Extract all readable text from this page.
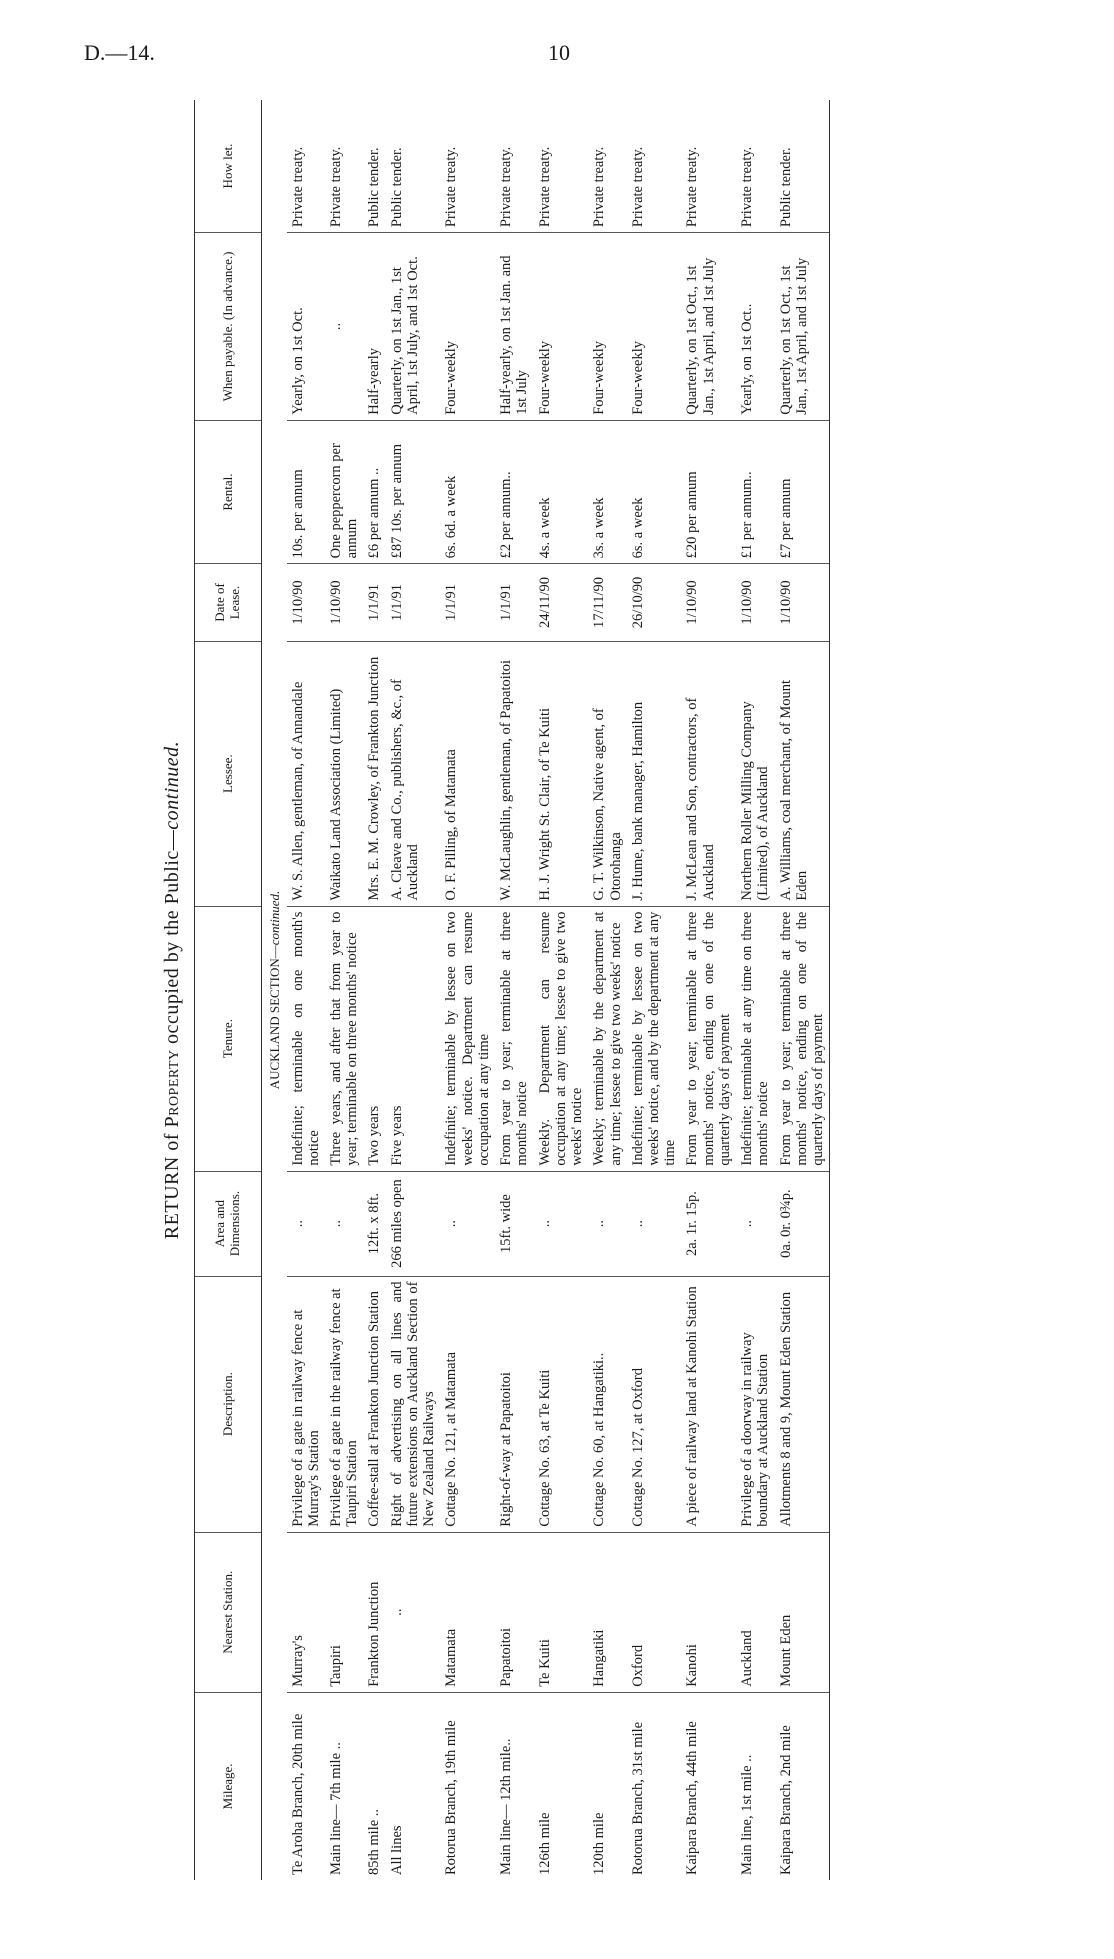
D.—14.	10
RETURN of Property occupied by the Public—continued.
Mileage.	Nearest Station.	Description.	Area and Dimensions.	Tenure.	Lessee.	Date of Lease.	Rental.	When payable. (In advance.)	How let.
AUCKLAND SECTION—continued.									
Te Aroha Branch, 20th mile	Murray's	Privilege of a gate in railway fence at Murray's Station	..	Indefinite; terminable on one month's notice	W. S. Allen, gentleman, of Annandale	1/10/90	10s. per annum	Yearly, on 1st Oct.	Private treaty.
Main line— 7th mile ..	Taupiri	Privilege of a gate in the railway fence at Taupiri Station	..	Three years, and after that from year to year; terminable on three months' notice	Waikato Land Association (Limited)	1/10/90	One peppercorn per annum	..	Private treaty.
85th mile ..	Frankton Junction	Coffee-stall at Frankton Junction Station	12ft. x 8ft.	Two years	Mrs. E. M. Crowley, of Frankton Junction	1/1/91	£6 per annum ..	Half-yearly	Public tender.
All lines	..	Right of advertising on all lines and future extensions on Auckland Section of New Zealand Railways	266 miles open	Five years	A. Cleave and Co., publishers, &c., of Auckland	1/1/91	£87 10s. per annum	Quarterly, on 1st Jan., 1st April, 1st July, and 1st Oct.	Public tender.
Rotorua Branch, 19th mile	Matamata	Cottage No. 121, at Matamata	..	Indefinite; terminable by lessee on two weeks' notice. Department can resume occupation at any time	O. F. Pilling, of Matamata	1/1/91	6s. 6d. a week	Four-weekly	Private treaty.
Main line— 12th mile..	Papatoitoi	Right-of-way at Papatoitoi	15ft. wide	From year to year; terminable at three months' notice	W. McLaughlin, gentleman, of Papatoitoi	1/1/91	£2 per annum..	Half-yearly, on 1st Jan. and 1st July	Private treaty.
126th mile	Te Kuiti	Cottage No. 63, at Te Kuiti	..	Weekly. Department can resume occupation at any time; lessee to give two weeks' notice	H. J. Wright St. Clair, of Te Kuiti	24/11/90	4s. a week	Four-weekly	Private treaty.
120th mile	Hangatiki	Cottage No. 60, at Hangatiki..	..	Weekly; terminable by the department at any time; lessee to give two weeks' notice	G. T. Wilkinson, Native agent, of Otorohanga	17/11/90	3s. a week	Four-weekly	Private treaty.
Rotorua Branch, 31st mile	Oxford	Cottage No. 127, at Oxford	..	Indefinite; terminable by lessee on two weeks' notice, and by the department at any time	J. Hume, bank manager, Hamilton	26/10/90	6s. a week	Four-weekly	Private treaty.
Kaipara Branch, 44th mile	Kanohi	A piece of railway land at Kanohi Station	2a. 1r. 15p.	From year to year; terminable at three months' notice, ending on one of the quarterly days of payment	J. McLean and Son, contractors, of Auckland	1/10/90	£20 per annum	Quarterly, on 1st Oct., 1st Jan., 1st April, and 1st July	Private treaty.
Main line, 1st mile ..	Auckland	Privilege of a doorway in railway boundary at Auckland Station	..	Indefinite; terminable at any time on three months' notice	Northern Roller Milling Company (Limited), of Auckland	1/10/90	£1 per annum..	Yearly, on 1st Oct..	Private treaty.
Kaipara Branch, 2nd mile	Mount Eden	Allotments 8 and 9, Mount Eden Station	0a. 0r. 0¾p.	From year to year; terminable at three months' notice, ending on one of the quarterly days of payment	A. Williams, coal merchant, of Mount Eden	1/10/90	£7 per annum	Quarterly, on 1st Oct., 1st Jan., 1st April, and 1st July	Public tender.
